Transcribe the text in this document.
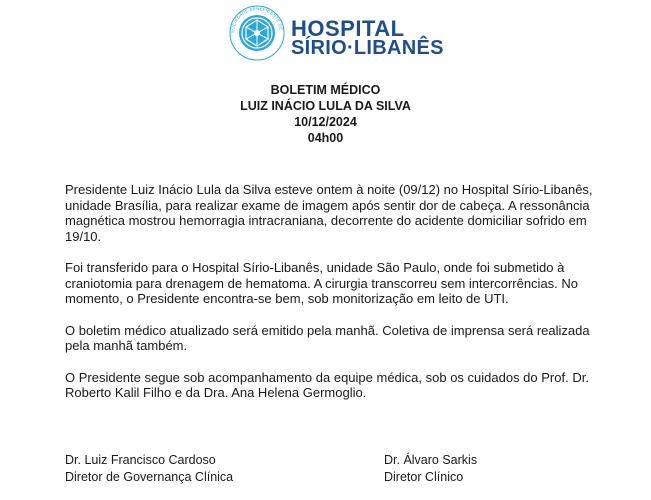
SOCIEDADE BENEFICENTE DE HOSPITAL
SÍRIO·LIBANÊS
BOLETIM MÉDICO
LUIZ INÁCIO LULA DA SILVA
10/12/2024
04h00

Presidente Luiz Inácio Lula da Silva esteve ontem à noite (09/12) no Hospital Sírio-Libanês, unidade Brasília, para realizar exame de imagem após sentir dor de cabeça. A ressonância magnética mostrou hemorragia intracraniana, decorrente do acidente domiciliar sofrido em 19/10.

Foi transferido para o Hospital Sírio-Libanês, unidade São Paulo, onde foi submetido à craniotomia para drenagem de hematoma. A cirurgia transcorreu sem intercorrências. No momento, o Presidente encontra-se bem, sob monitorização em leito de UTI.

O boletim médico atualizado será emitido pela manhã. Coletiva de imprensa será realizada pela manhã também.

O Presidente segue sob acompanhamento da equipe médica, sob os cuidados do Prof. Dr. Roberto Kalil Filho e da Dra. Ana Helena Germoglio.

Dr. Luiz Francisco Cardoso
Diretor de Governança Clínica
Dr. Álvaro Sarkis
Diretor Clínico
